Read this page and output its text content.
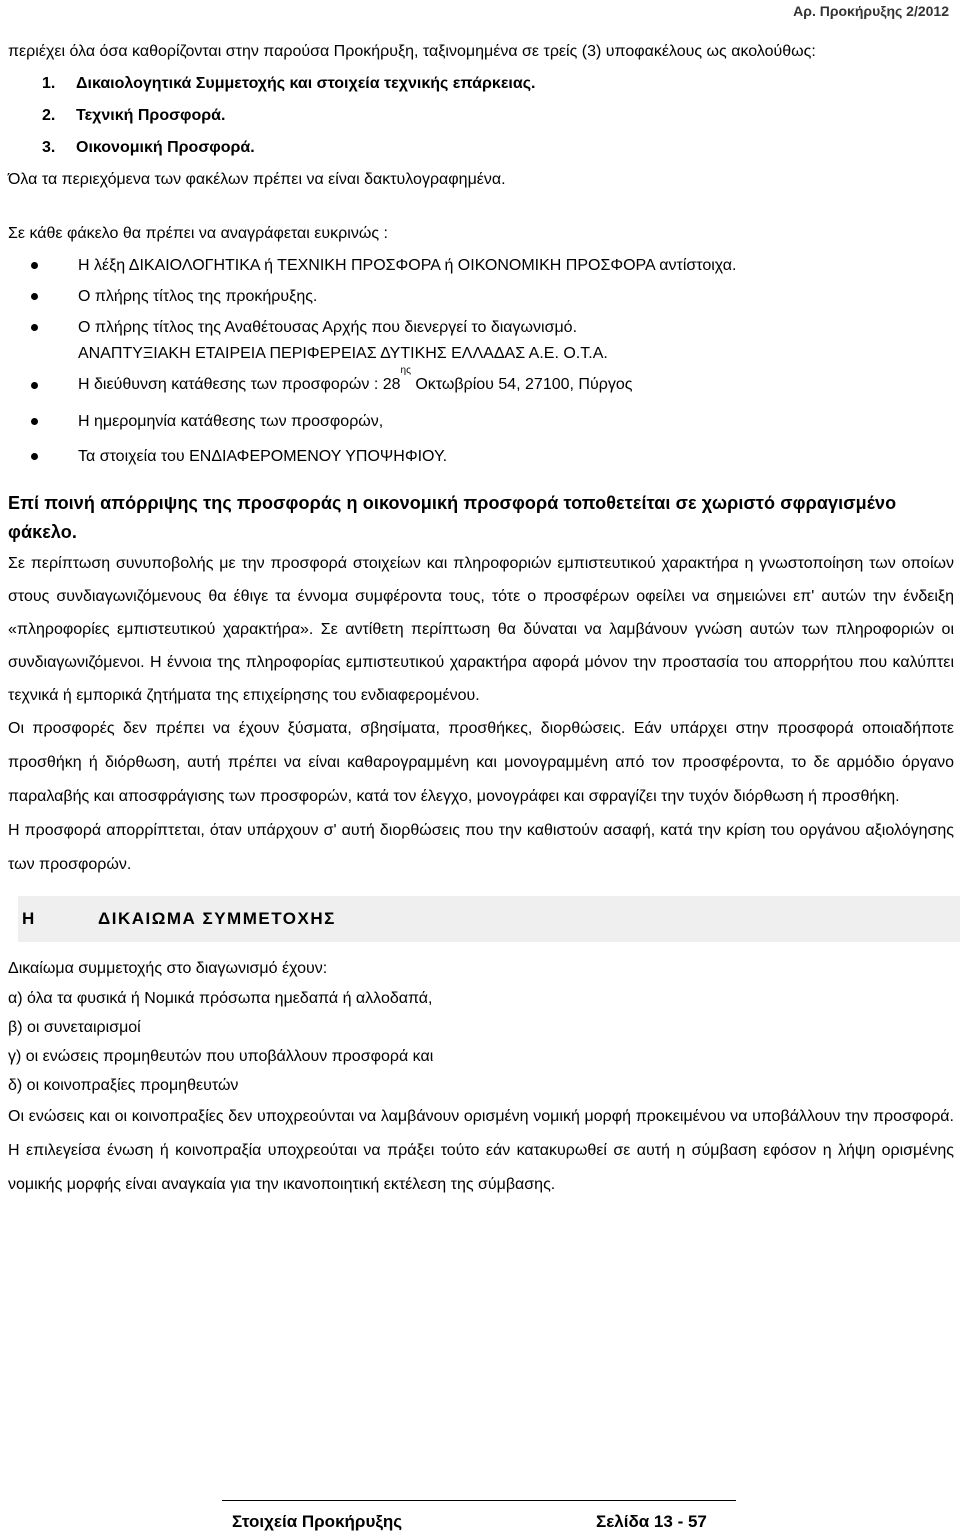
Αρ. Προκήρυξης 2/2012

περιέχει όλα όσα καθορίζονται στην παρούσα Προκήρυξη, ταξινομημένα σε τρείς (3) υποφακέλους ως ακολούθως:

1.	Δικαιολογητικά Συμμετοχής και στοιχεία τεχνικής επάρκειας.
2.	Τεχνική Προσφορά.
3.	Οικονομική Προσφορά.

Όλα τα περιεχόμενα των φακέλων πρέπει να είναι δακτυλογραφημένα.

Σε κάθε φάκελο θα πρέπει να αναγράφεται ευκρινώς :

Η λέξη ΔΙΚΑΙΟΛΟΓΗΤΙΚΑ ή ΤΕΧΝΙΚΗ ΠΡΟΣΦΟΡΑ ή ΟΙΚΟΝΟΜΙΚΗ ΠΡΟΣΦΟΡΑ αντίστοιχα.
Ο πλήρης τίτλος της προκήρυξης.
Ο πλήρης τίτλος της Αναθέτουσας Αρχής που διενεργεί το διαγωνισμό.
ΑΝΑΠΤΥΞΙΑΚΗ ΕΤΑΙΡΕΙΑ ΠΕΡΙΦΕΡΕΙΑΣ ΔΥΤΙΚΗΣ ΕΛΛΑΔΑΣ Α.Ε. Ο.Τ.Α.
Η διεύθυνση κατάθεσης των προσφορών : $28^{\eta\varsigma}$ Οκτωβρίου 54, 27100, Πύργος
Η ημερομηνία κατάθεσης των προσφορών,
Τα στοιχεία του ΕΝΔΙΑΦΕΡΟΜΕΝΟΥ ΥΠΟΨΗΦΙΟΥ.

Επί ποινή απόρριψης της προσφοράς η οικονομική προσφορά τοποθετείται σε χωριστό σφραγισμένο φάκελο.

Σε περίπτωση συνυποβολής με την προσφορά στοιχείων και πληροφοριών εμπιστευτικού χαρακτήρα η γνωστοποίηση των οποίων στους συνδιαγωνιζόμενους θα έθιγε τα έννομα συμφέροντα τους, τότε ο προσφέρων οφείλει να σημειώνει επ' αυτών την ένδειξη «πληροφορίες εμπιστευτικού χαρακτήρα». Σε αντίθετη περίπτωση θα δύναται να λαμβάνουν γνώση αυτών των πληροφοριών οι συνδιαγωνιζόμενοι. Η έννοια της πληροφορίας εμπιστευτικού χαρακτήρα αφορά μόνον την προστασία του απορρήτου που καλύπτει τεχνικά ή εμπορικά ζητήματα της επιχείρησης του ενδιαφερομένου.

Οι προσφορές δεν πρέπει να έχουν ξύσματα, σβησίματα, προσθήκες, διορθώσεις. Εάν υπάρχει στην προσφορά οποιαδήποτε προσθήκη ή διόρθωση, αυτή πρέπει να είναι καθαρογραμμένη και μονογραμμένη από τον προσφέροντα, το δε αρμόδιο όργανο παραλαβής και αποσφράγισης των προσφορών, κατά τον έλεγχο, μονογράφει και σφραγίζει την τυχόν διόρθωση ή προσθήκη.

Η προσφορά απορρίπτεται, όταν υπάρχουν σ' αυτή διορθώσεις που την καθιστούν ασαφή, κατά την κρίση του οργάνου αξιολόγησης των προσφορών.

Η	ΔΙΚΑΙΩΜΑ ΣΥΜΜΕΤΟΧΗΣ

Δικαίωμα συμμετοχής στο διαγωνισμό έχουν:

α) όλα τα φυσικά ή Νομικά πρόσωπα ημεδαπά ή αλλοδαπά,
β) οι συνεταιρισμοί
γ) οι ενώσεις προμηθευτών που υποβάλλουν προσφορά και
δ) οι κοινοπραξίες προμηθευτών

Οι ενώσεις και οι κοινοπραξίες δεν υποχρεούνται να λαμβάνουν ορισμένη νομική μορφή προκειμένου να υποβάλλουν την προσφορά. Η επιλεγείσα ένωση ή κοινοπραξία υποχρεούται να πράξει τούτο εάν κατακυρωθεί σε αυτή η σύμβαση εφόσον η λήψη ορισμένης νομικής μορφής είναι αναγκαία για την ικανοποιητική εκτέλεση της σύμβασης.

Στοιχεία Προκήρυξης	Σελίδα 13 - 57
